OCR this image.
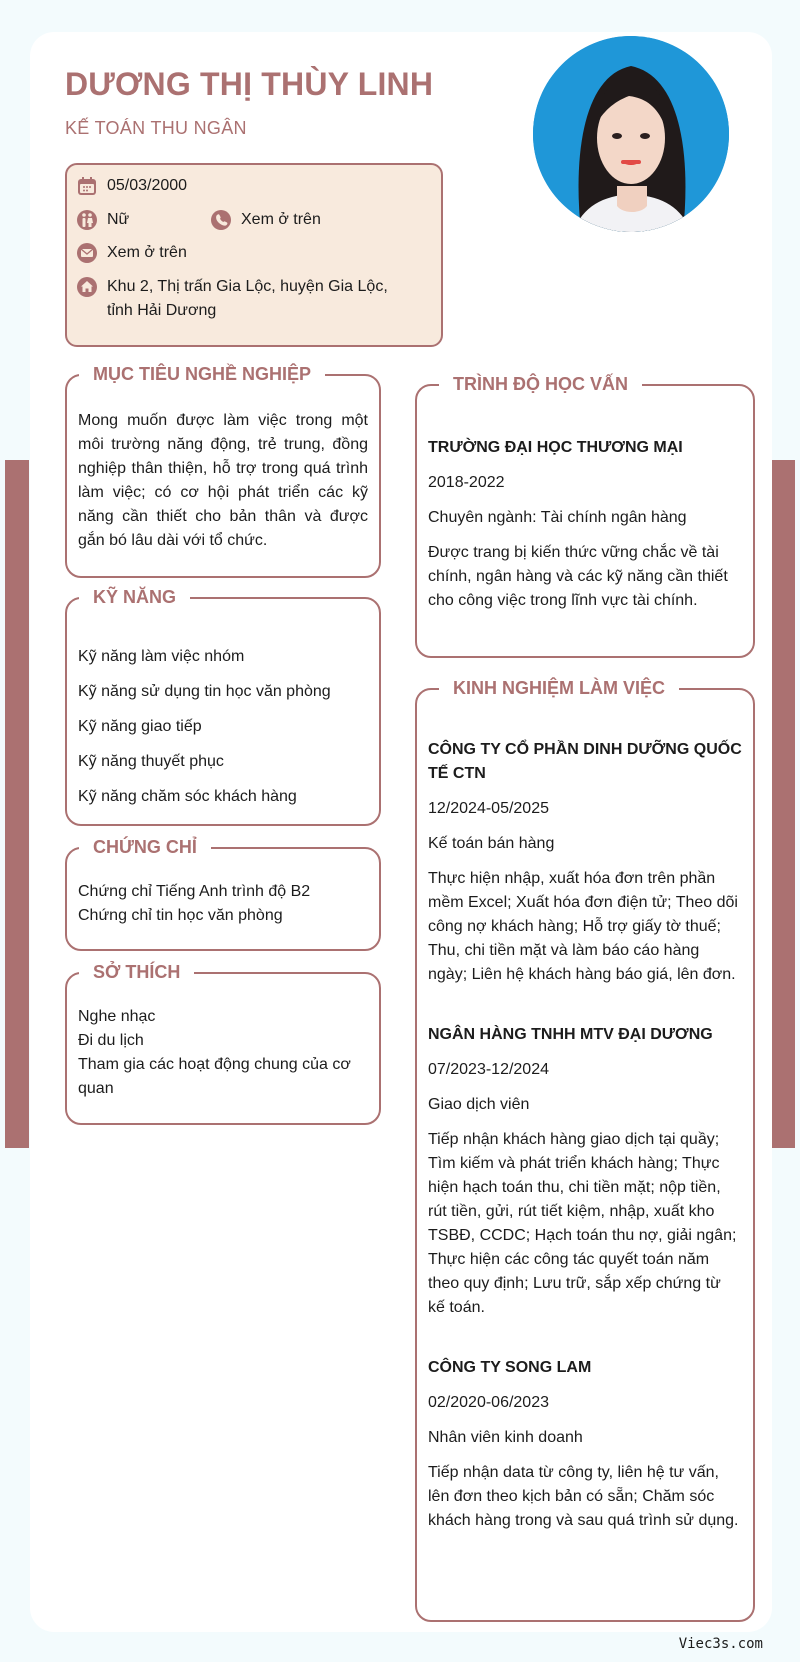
DƯƠNG THỊ THÙY LINH
KẾ TOÁN THU NGÂN
05/03/2000
Nữ	Xem ở trên
Xem ở trên
Khu 2, Thị trấn Gia Lộc, huyện Gia Lộc,
tỉnh Hải Dương
MỤC TIÊU NGHỀ NGHIỆP

Mong muốn được làm việc trong một môi trường năng động, trẻ trung, đồng nghiệp thân thiện, hỗ trợ trong quá trình làm việc; có cơ hội phát triển các kỹ năng cần thiết cho bản thân và được gắn bó lâu dài với tổ chức.

KỸ NĂNG
Kỹ năng làm việc nhóm
Kỹ năng sử dụng tin học văn phòng
Kỹ năng giao tiếp
Kỹ năng thuyết phục
Kỹ năng chăm sóc khách hàng
CHỨNG CHỈ
Chứng chỉ Tiếng Anh trình độ B2
Chứng chỉ tin học văn phòng
SỞ THÍCH
Nghe nhạc
Đi du lịch
Tham gia các hoạt động chung của cơ quan
TRÌNH ĐỘ HỌC VẤN

TRƯỜNG ĐẠI HỌC THƯƠNG MẠI

2018-2022

Chuyên ngành: Tài chính ngân hàng

Được trang bị kiến thức vững chắc về tài chính, ngân hàng và các kỹ năng cần thiết cho công việc trong lĩnh vực tài chính.

KINH NGHIỆM LÀM VIỆC

CÔNG TY CỔ PHẦN DINH DƯỠNG QUỐC TẾ CTN

12/2024-05/2025

Kế toán bán hàng

Thực hiện nhập, xuất hóa đơn trên phần mềm Excel; Xuất hóa đơn điện tử; Theo dõi công nợ khách hàng; Hỗ trợ giấy tờ thuế; Thu, chi tiền mặt và làm báo cáo hàng ngày; Liên hệ khách hàng báo giá, lên đơn.

NGÂN HÀNG TNHH MTV ĐẠI DƯƠNG

07/2023-12/2024

Giao dịch viên

Tiếp nhận khách hàng giao dịch tại quầy; Tìm kiếm và phát triển khách hàng; Thực hiện hạch toán thu, chi tiền mặt; nộp tiền, rút tiền, gửi, rút tiết kiệm, nhập, xuất kho TSBĐ, CCDC; Hạch toán thu nợ, giải ngân; Thực hiện các công tác quyết toán năm theo quy định; Lưu trữ, sắp xếp chứng từ kế toán.

CÔNG TY SONG LAM

02/2020-06/2023

Nhân viên kinh doanh

Tiếp nhận data từ công ty, liên hệ tư vấn, lên đơn theo kịch bản có sẵn; Chăm sóc khách hàng trong và sau quá trình sử dụng.

Viec3s.com
